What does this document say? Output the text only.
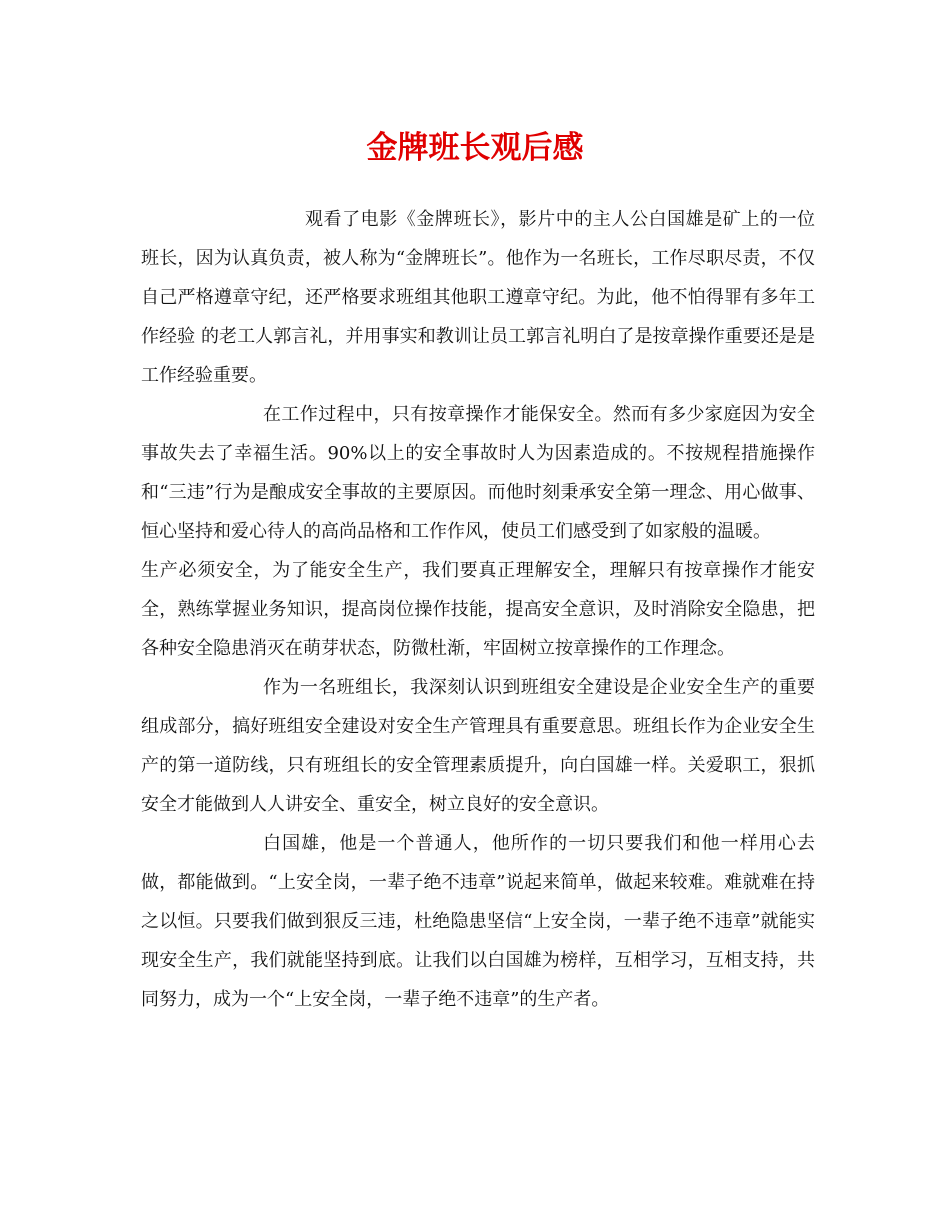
金牌班长观后感

观看了电影《金牌班长》，影片中的主人公白国雄是矿上的一位班长，因为认真负责，被人称为“金牌班长”。他作为一名班长，工作尽职尽责，不仅自己严格遵章守纪，还严格要求班组其他职工遵章守纪。为此，他不怕得罪有多年工作经验 的老工人郭言礼，并用事实和教训让员工郭言礼明白了是按章操作重要还是是工作经验重要。

在工作过程中，只有按章操作才能保安全。然而有多少家庭因为安全事故失去了幸福生活。90%以上的安全事故时人为因素造成的。不按规程措施操作和“三违”行为是酿成安全事故的主要原因。而他时刻秉承安全第一理念、用心做事、恒心坚持和爱心待人的高尚品格和工作作风，使员工们感受到了如家般的温暖。

生产必须安全，为了能安全生产，我们要真正理解安全，理解只有按章操作才能安全，熟练掌握业务知识，提高岗位操作技能，提高安全意识，及时消除安全隐患，把各种安全隐患消灭在萌芽状态，防微杜渐，牢固树立按章操作的工作理念。

作为一名班组长，我深刻认识到班组安全建设是企业安全生产的重要组成部分，搞好班组安全建设对安全生产管理具有重要意思。班组长作为企业安全生产的第一道防线，只有班组长的安全管理素质提升，向白国雄一样。关爱职工，狠抓安全才能做到人人讲安全、重安全，树立良好的安全意识。

白国雄，他是一个普通人，他所作的一切只要我们和他一样用心去做，都能做到。“上安全岗，一辈子绝不违章”说起来简单，做起来较难。难就难在持之以恒。只要我们做到狠反三违，杜绝隐患坚信“上安全岗，一辈子绝不违章”就能实现安全生产，我们就能坚持到底。让我们以白国雄为榜样，互相学习，互相支持，共同努力，成为一个“上安全岗，一辈子绝不违章”的生产者。
